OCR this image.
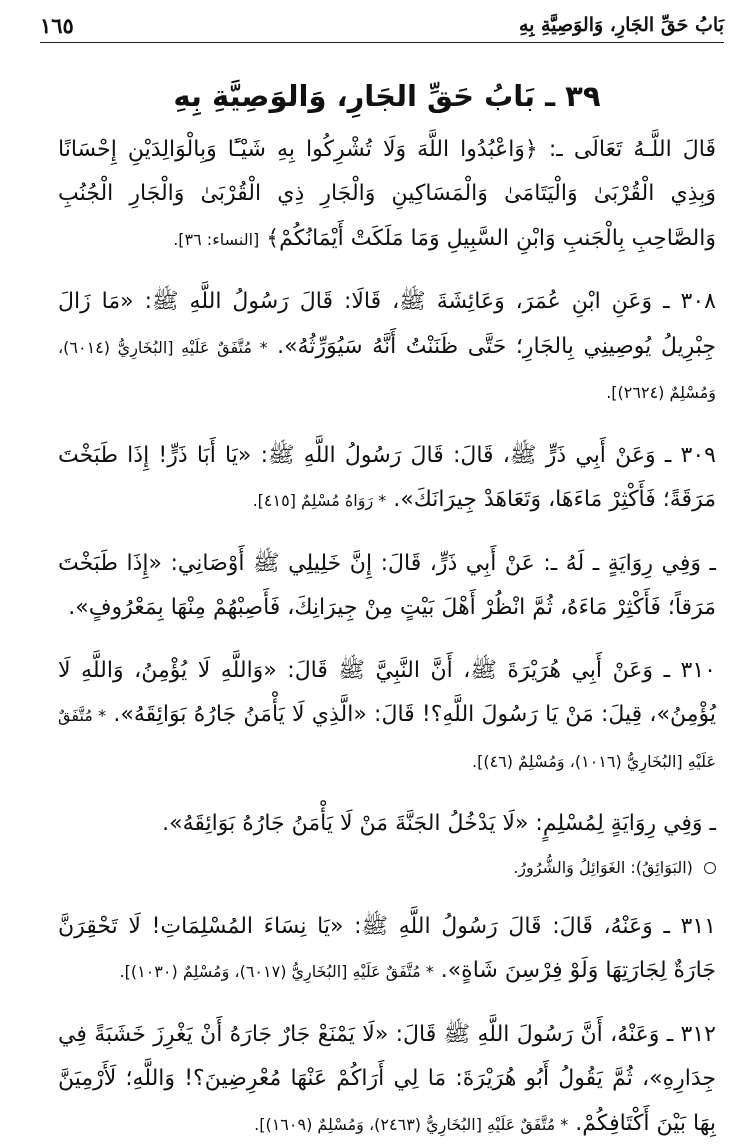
١٦٥	بَابُ حَقِّ الجَارِ، وَالوَصِيَّةِ بِهِ
٣٩ ـ بَابُ حَقِّ الجَارِ، وَالوَصِيَّةِ بِهِ

قَالَ اللَّـهُ تَعَالَى ـ: ﴿وَاعْبُدُوا اللَّهَ وَلَا تُشْرِكُوا بِهِ شَيْـًٔا وَبِالْوَالِدَيْنِ إِحْسَانًا وَبِذِي الْقُرْبَىٰ وَالْيَتَامَىٰ وَالْمَسَاكِينِ وَالْجَارِ ذِي الْقُرْبَىٰ وَالْجَارِ الْجُنُبِ وَالصَّاحِبِ بِالْجَنبِ وَابْنِ السَّبِيلِ وَمَا مَلَكَتْ أَيْمَانُكُمْ﴾ [النساء: ٣٦].

٣٠٨ ـ وَعَنِ ابْنِ عُمَرَ، وَعَائِشَةَ ﷺ، قَالَا: قَالَ رَسُولُ اللَّهِ ﷺ: «مَا زَالَ جِبْرِيلُ يُوصِينِي بِالجَارِ؛ حَتَّى ظَنَنْتُ أَنَّهُ سَيُوَرِّثُهُ». * مُتَّفَقٌ عَلَيْهِ [البُخَارِيُّ (٦٠١٤)، وَمُسْلِمٌ (٢٦٢٤)].

٣٠٩ ـ وَعَنْ أَبِي ذَرٍّ ﷺ، قَالَ: قَالَ رَسُولُ اللَّهِ ﷺ: «يَا أَبَا ذَرٍّ! إِذَا طَبَخْتَ مَرَقَةً؛ فَأَكْثِرْ مَاءَهَا، وَتَعَاهَدْ جِيرَانَكَ». * رَوَاهُ مُسْلِمٌ [٤١٥].

ـ وَفِي رِوَايَةٍ ـ لَهُ ـ: عَنْ أَبِي ذَرٍّ، قَالَ: إِنَّ خَلِيلِي ﷺ أَوْصَانِي: «إِذَا طَبَخْتَ مَرَقاً؛ فَأَكْثِرْ مَاءَهُ، ثُمَّ انْظُرْ أَهْلَ بَيْتٍ مِنْ جِيرَانِكَ، فَأَصِبْهُمْ مِنْهَا بِمَعْرُوفٍ».

٣١٠ ـ وَعَنْ أَبِي هُرَيْرَةَ ﷺ، أَنَّ النَّبِيَّ ﷺ قَالَ: «وَاللَّهِ لَا يُؤْمِنُ، وَاللَّهِ لَا يُؤْمِنُ»، قِيلَ: مَنْ يَا رَسُولَ اللَّهِ؟! قَالَ: «الَّذِي لَا يَأْمَنُ جَارُهُ بَوَائِقَهُ». * مُتَّفَقٌ عَلَيْهِ [البُخَارِيُّ (١٠١٦)، وَمُسْلِمٌ (٤٦)].

ـ وَفِي رِوَايَةٍ لِمُسْلِمٍ: «لَا يَدْخُلُ الجَنَّةَ مَنْ لَا يَأْمَنُ جَارُهُ بَوَائِقَهُ».

(البَوَائِقُ): الغَوَائِلُ وَالشُّرُورُ.

٣١١ ـ وَعَنْهُ، قَالَ: قَالَ رَسُولُ اللَّهِ ﷺ: «يَا نِسَاءَ المُسْلِمَاتِ! لَا تَحْقِرَنَّ جَارَةٌ لِجَارَتِهَا وَلَوْ فِرْسِنَ شَاةٍ». * مُتَّفَقٌ عَلَيْهِ [البُخَارِيُّ (٦٠١٧)، وَمُسْلِمٌ (١٠٣٠)].

٣١٢ ـ وَعَنْهُ، أَنَّ رَسُولَ اللَّهِ ﷺ قَالَ: «لَا يَمْنَعْ جَارٌ جَارَهُ أَنْ يَغْرِزَ خَشَبَةً فِي جِدَارِهِ»، ثُمَّ يَقُولُ أَبُو هُرَيْرَةَ: مَا لِي أَرَاكُمْ عَنْهَا مُعْرِضِينَ؟! وَاللَّهِ؛ لَأَرْمِيَنَّ بِهَا بَيْنَ أَكْتَافِكُمْ. * مُتَّفَقٌ عَلَيْهِ [البُخَارِيُّ (٢٤٦٣)، وَمُسْلِمٌ (١٦٠٩)].
